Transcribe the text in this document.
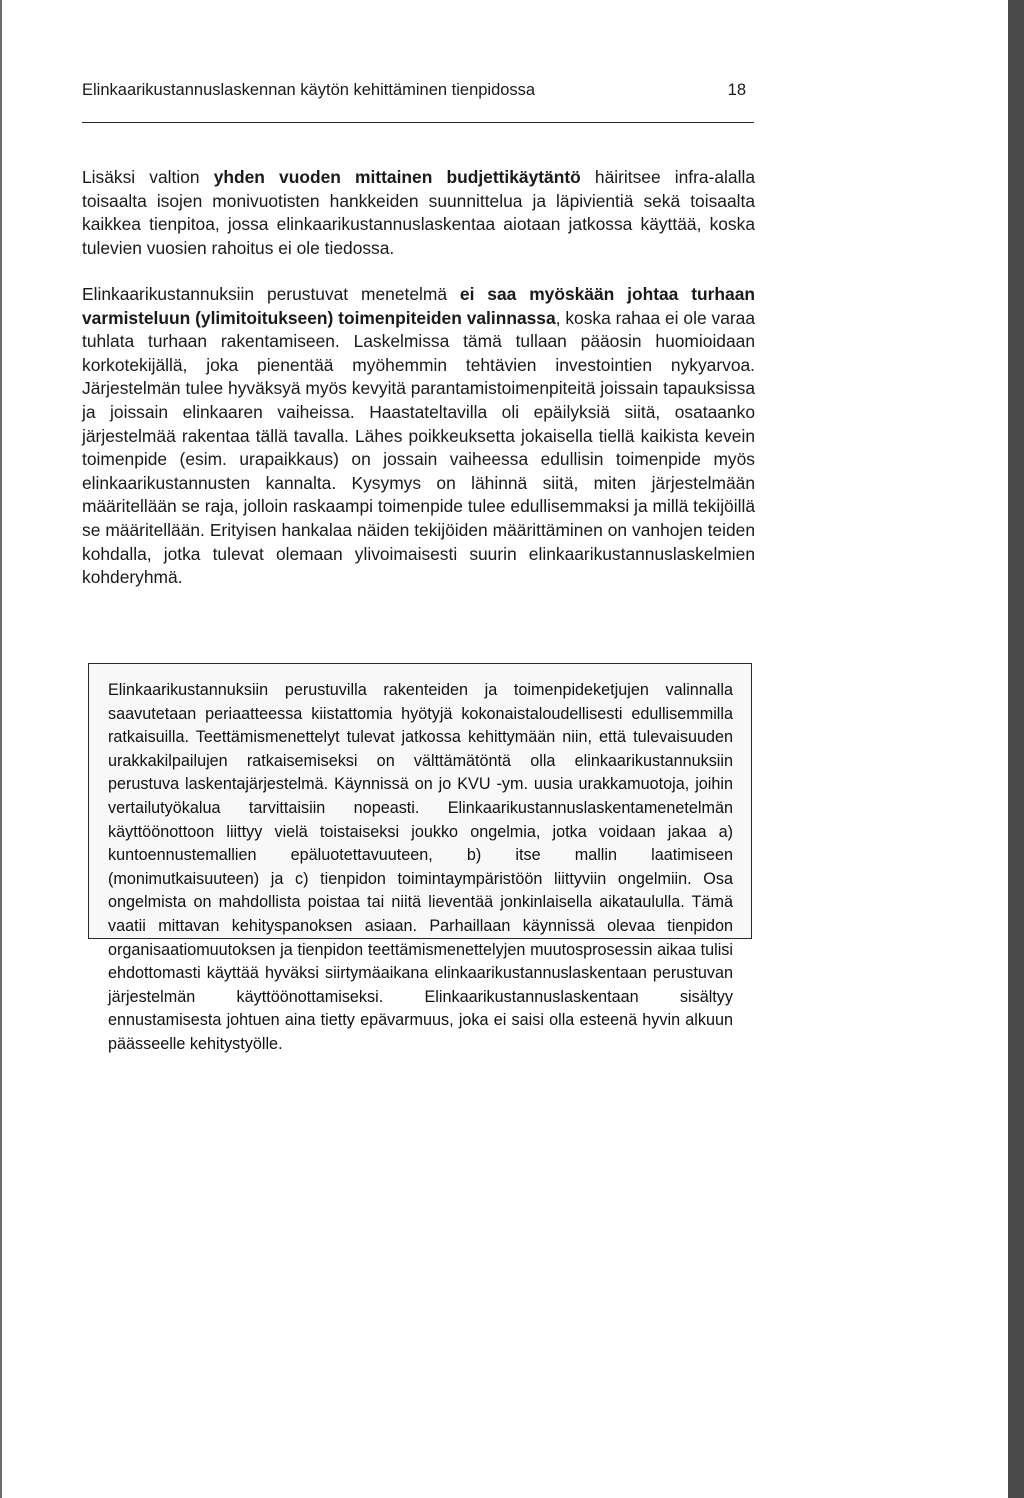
Elinkaarikustannuslaskennan käytön kehittäminen tienpidossa	18

Lisäksi valtion yhden vuoden mittainen budjettikäytäntö häiritsee infra-alalla toisaalta isojen monivuotisten hankkeiden suunnittelua ja läpivientiä sekä toisaalta kaikkea tienpitoa, jossa elinkaarikustannuslaskentaa aiotaan jatkossa käyttää, koska tulevien vuosien rahoitus ei ole tiedossa.

Elinkaarikustannuksiin perustuvat menetelmä ei saa myöskään johtaa turhaan varmisteluun (ylimitoitukseen) toimenpiteiden valinnassa, koska rahaa ei ole varaa tuhlata turhaan rakentamiseen. Laskelmissa tämä tullaan pääosin huomioidaan korkotekijällä, joka pienentää myöhemmin tehtävien investointien nykyarvoa. Järjestelmän tulee hyväksyä myös kevyitä parantamistoimenpiteitä joissain tapauksissa ja joissain elinkaaren vaiheissa. Haastateltavilla oli epäilyksiä siitä, osataanko järjestelmää rakentaa tällä tavalla. Lähes poikkeuksetta jokaisella tiellä kaikista kevein toimenpide (esim. urapaikkaus) on jossain vaiheessa edullisin toimenpide myös elinkaarikustannusten kannalta. Kysymys on lähinnä siitä, miten järjestelmään määritellään se raja, jolloin raskaampi toimenpide tulee edullisemmaksi ja millä tekijöillä se määritellään. Erityisen hankalaa näiden tekijöiden määrittäminen on vanhojen teiden kohdalla, jotka tulevat olemaan ylivoimaisesti suurin elinkaarikustannuslaskelmien kohderyhmä.

Elinkaarikustannuksiin perustuvilla rakenteiden ja toimenpideketjujen valinnalla saavutetaan periaatteessa kiistattomia hyötyjä kokonaistaloudellisesti edullisemmilla ratkaisuilla. Teettämismenettelyt tulevat jatkossa kehittymään niin, että tulevaisuuden urakkakilpailujen ratkaisemiseksi on välttämätöntä olla elinkaarikustannuksiin perustuva laskentajärjestelmä. Käynnissä on jo KVU -ym. uusia urakkamuotoja, joihin vertailutyökalua tarvittaisiin nopeasti. Elinkaarikustannuslaskentamenetelmän käyttöönottoon liittyy vielä toistaiseksi joukko ongelmia, jotka voidaan jakaa a) kuntoennustemallien epäluotettavuuteen, b) itse mallin laatimiseen (monimutkaisuuteen) ja c) tienpidon toimintaympäristöön liittyviin ongelmiin. Osa ongelmista on mahdollista poistaa tai niitä lieventää jonkinlaisella aikataululla. Tämä vaatii mittavan kehityspanoksen asiaan. Parhaillaan käynnissä olevaa tienpidon organisaatiomuutoksen ja tienpidon teettämismenettelyjen muutosprosessin aikaa tulisi ehdottomasti käyttää hyväksi siirtymäaikana elinkaarikustannuslaskentaan perustuvan järjestelmän käyttöönottamiseksi. Elinkaarikustannuslaskentaan sisältyy ennustamisesta johtuen aina tietty epävarmuus, joka ei saisi olla esteenä hyvin alkuun päässeelle kehitystyölle.
